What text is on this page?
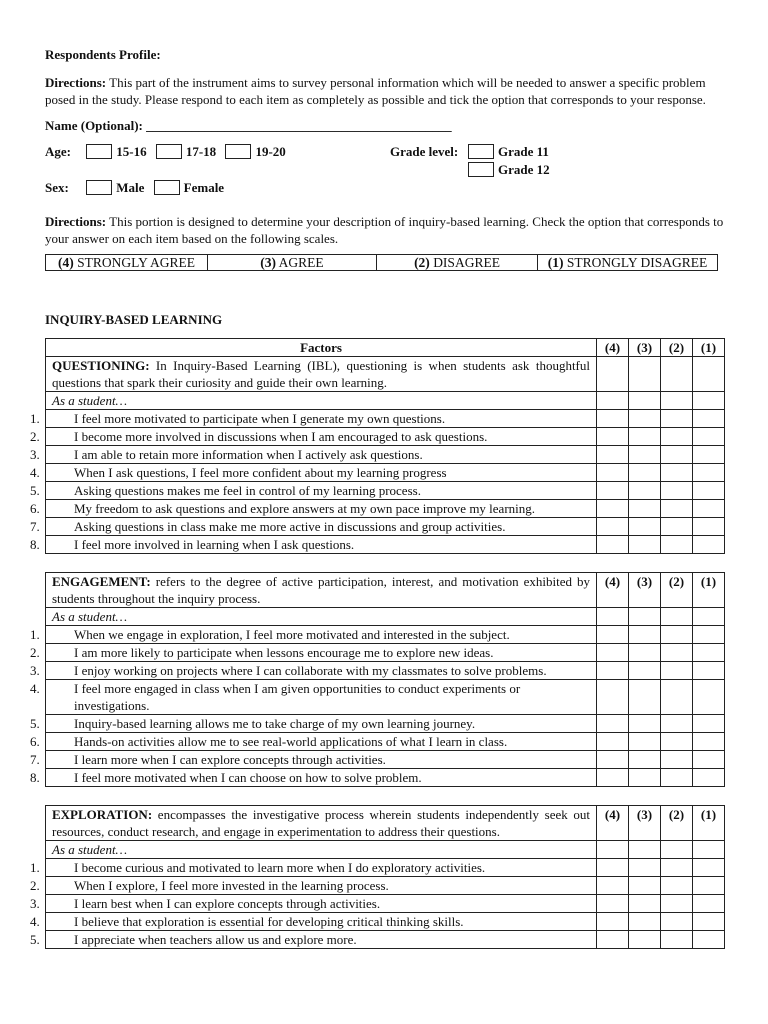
Respondents Profile:

Directions: This part of the instrument aims to survey personal information which will be needed to answer a specific problem posed in the study. Please respond to each item as completely as possible and tick the option that corresponds to your response.

Name (Optional): _______________________________________________

Age:	15-16	17-18	19-20	Grade level:	Grade 11
Grade 12
Sex:	Male	Female

Directions: This portion is designed to determine your description of inquiry-based learning. Check the option that corresponds to your answer on each item based on the following scales.

(4) STRONGLY AGREE	(3) AGREE	(2) DISAGREE	(1) STRONGLY DISAGREE

INQUIRY-BASED LEARNING

Factors	(4)	(3)	(2)	(1)
QUESTIONING: In Inquiry-Based Learning (IBL), questioning is when students ask thoughtful questions that spark their curiosity and guide their own learning.				
As a student…				

1. I feel more motivated to participate when I generate my own questions.				

2. I become more involved in discussions when I am encouraged to ask questions.				

3. I am able to retain more information when I actively ask questions.				

4. When I ask questions, I feel more confident about my learning progress				

5. Asking questions makes me feel in control of my learning process.				

6. My freedom to ask questions and explore answers at my own pace improve my learning.				

7. Asking questions in class make me more active in discussions and group activities.				

8. I feel more involved in learning when I ask questions.				

ENGAGEMENT: refers to the degree of active participation, interest, and motivation exhibited by students throughout the inquiry process.	(4)	(3)	(2)	(1)
As a student…				

1. When we engage in exploration, I feel more motivated and interested in the subject.				

2. I am more likely to participate when lessons encourage me to explore new ideas.				

3. I enjoy working on projects where I can collaborate with my classmates to solve problems.				

4. I feel more engaged in class when I am given opportunities to conduct experiments or investigations.				

5. Inquiry-based learning allows me to take charge of my own learning journey.				

6. Hands-on activities allow me to see real-world applications of what I learn in class.				

7. I learn more when I can explore concepts through activities.				

8. I feel more motivated when I can choose on how to solve problem.				

EXPLORATION: encompasses the investigative process wherein students independently seek out resources, conduct research, and engage in experimentation to address their questions.	(4)	(3)	(2)	(1)
As a student…				

1. I become curious and motivated to learn more when I do exploratory activities.				

2. When I explore, I feel more invested in the learning process.				

3. I learn best when I can explore concepts through activities.				

4. I believe that exploration is essential for developing critical thinking skills.				

5. I appreciate when teachers allow us and explore more.				
